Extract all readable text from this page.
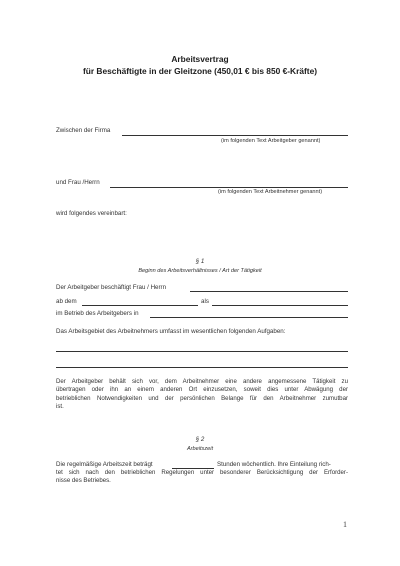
Arbeitsvertrag
für Beschäftigte in der Gleitzone (450,01 € bis 850 €-Kräfte)
Zwischen der Firma
(im folgenden Text Arbeitgeber genannt)
und Frau /Herrn
(im folgenden Text Arbeitnehmer genannt)
wird folgendes vereinbart:
§ 1
Beginn des Arbeitsverhältnisses / Art der Tätigkeit
Der Arbeitgeber beschäftigt Frau / Herrn
ab dem	als
im Betrieb des Arbeitgebers in
Das Arbeitsgebiet des Arbeitnehmers umfasst im wesentlichen folgenden Aufgaben:
Der Arbeitgeber behält sich vor, dem Arbeitnehmer eine andere angemessene Tätigkeit zu
übertragen oder ihn an einem anderen Ort einzusetzen, soweit dies unter Abwägung der
betrieblichen Notwendigkeiten und der persönlichen Belange für den Arbeitnehmer zumutbar
ist.
§ 2
Arbeitszeit
Die regelmäßige Arbeitszeit beträgt	Stunden wöchentlich. Ihre Einteilung rich-
tet sich nach den betrieblichen Regelungen unter besonderer Berücksichtigung der Erforder-
nisse des Betriebes.
1
